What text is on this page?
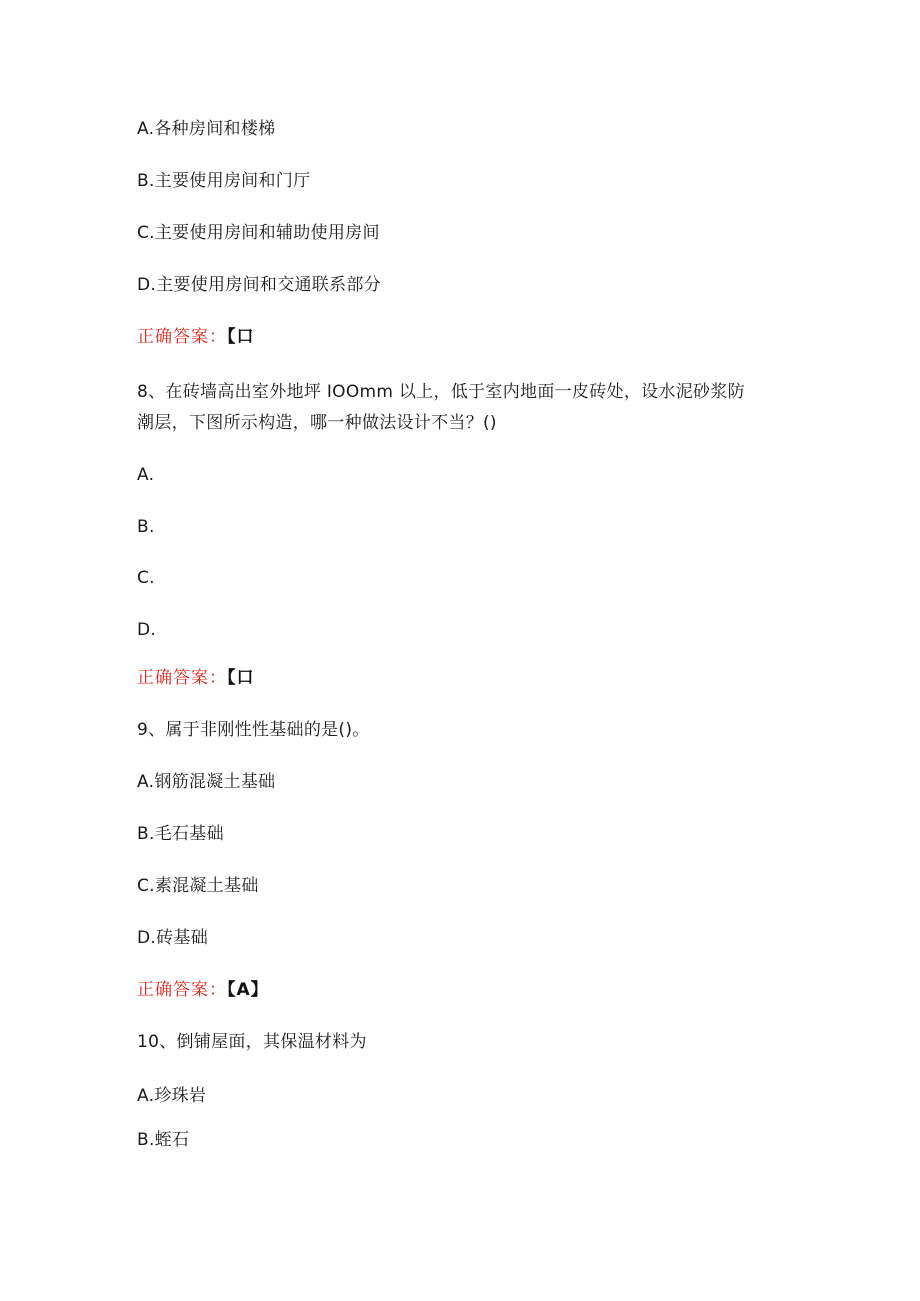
A.各种房间和楼梯
B.主要使用房间和门厅
C.主要使用房间和辅助使用房间
D.主要使用房间和交通联系部分
正确答案：【口
8、在砖墙高出室外地坪 IOOmm 以上，低于室内地面一皮砖处，设水泥砂浆防
潮层，下图所示构造，哪一种做法设计不当？()
A.
B.
C.
D.
正确答案：【口
9、属于非刚性性基础的是()。
A.钢筋混凝土基础
B.毛石基础
C.素混凝土基础
D.砖基础
正确答案：【A】
10、倒铺屋面，其保温材料为
A.珍珠岩
B.蛭石
